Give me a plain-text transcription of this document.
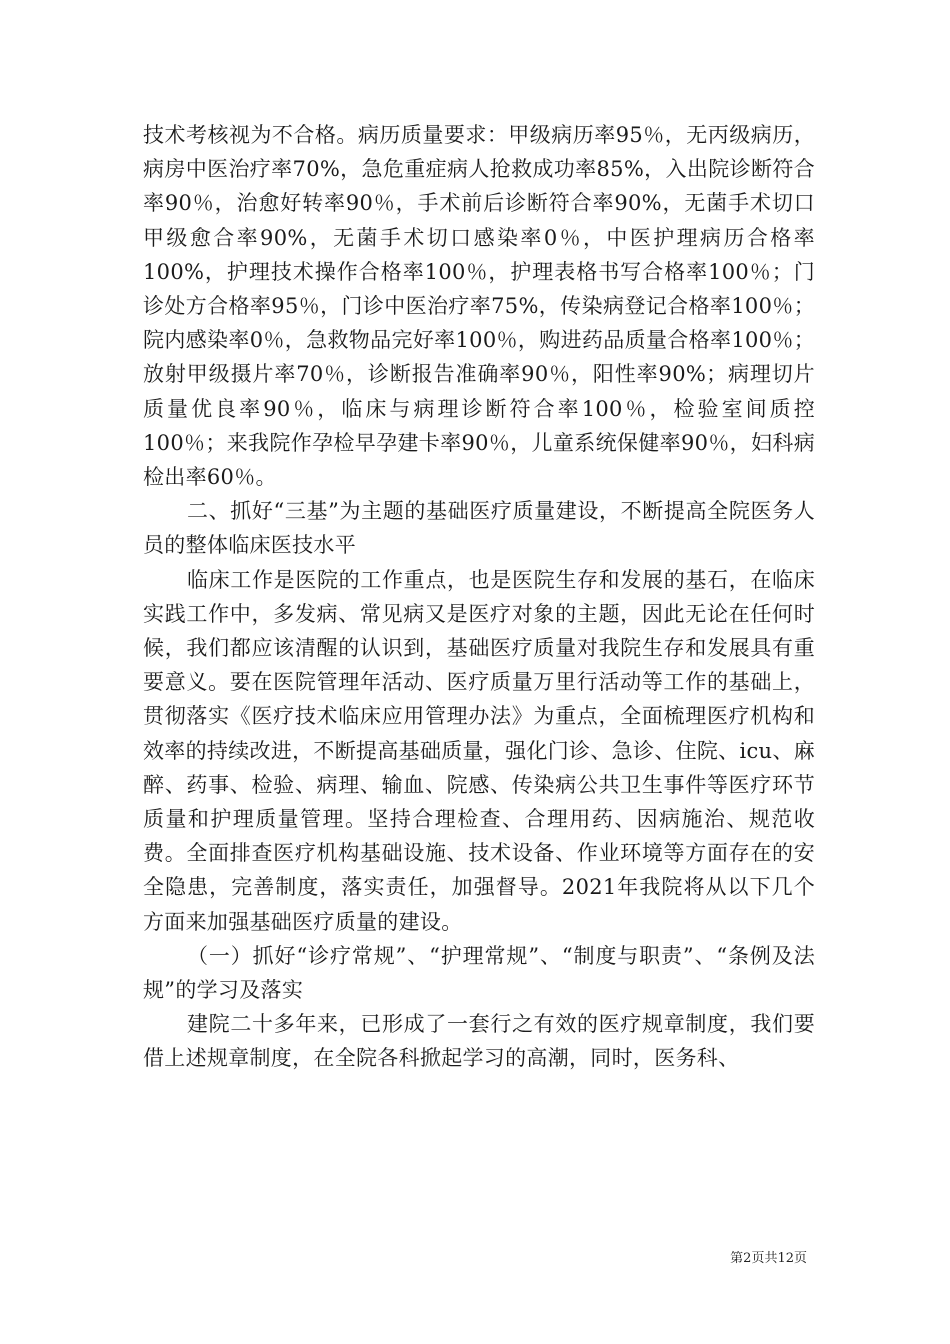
技术考核视为不合格。病历质量要求：甲级病历率95％，无丙级病历，病房中医治疗率70%，急危重症病人抢救成功率85%，入出院诊断符合率90％，治愈好转率90％，手术前后诊断符合率90%，无菌手术切口甲级愈合率90%，无菌手术切口感染率0％，中医护理病历合格率100%，护理技术操作合格率100％，护理表格书写合格率100％；门诊处方合格率95％，门诊中医治疗率75%，传染病登记合格率100％；院内感染率0％，急救物品完好率100％，购进药品质量合格率100％；放射甲级摄片率70％，诊断报告准确率90％，阳性率90%；病理切片质量优良率90％，临床与病理诊断符合率100％，检验室间质控100％；来我院作孕检早孕建卡率90％，儿童系统保健率90％，妇科病检出率60％。

二、抓好“三基”为主题的基础医疗质量建设，不断提高全院医务人员的整体临床医技水平

临床工作是医院的工作重点，也是医院生存和发展的基石，在临床实践工作中，多发病、常见病又是医疗对象的主题，因此无论在任何时候，我们都应该清醒的认识到，基础医疗质量对我院生存和发展具有重要意义。要在医院管理年活动、医疗质量万里行活动等工作的基础上，贯彻落实《医疗技术临床应用管理办法》为重点，全面梳理医疗机构和效率的持续改进，不断提高基础质量，强化门诊、急诊、住院、icu、麻醉、药事、检验、病理、输血、院感、传染病公共卫生事件等医疗环节质量和护理质量管理。坚持合理检查、合理用药、因病施治、规范收费。全面排查医疗机构基础设施、技术设备、作业环境等方面存在的安全隐患，完善制度，落实责任，加强督导。2021年我院将从以下几个方面来加强基础医疗质量的建设。

（一）抓好“诊疗常规”、“护理常规”、“制度与职责”、“条例及法规”的学习及落实

建院二十多年来，已形成了一套行之有效的医疗规章制度，我们要借上述规章制度，在全院各科掀起学习的高潮，同时，医务科、

第2页共12页
